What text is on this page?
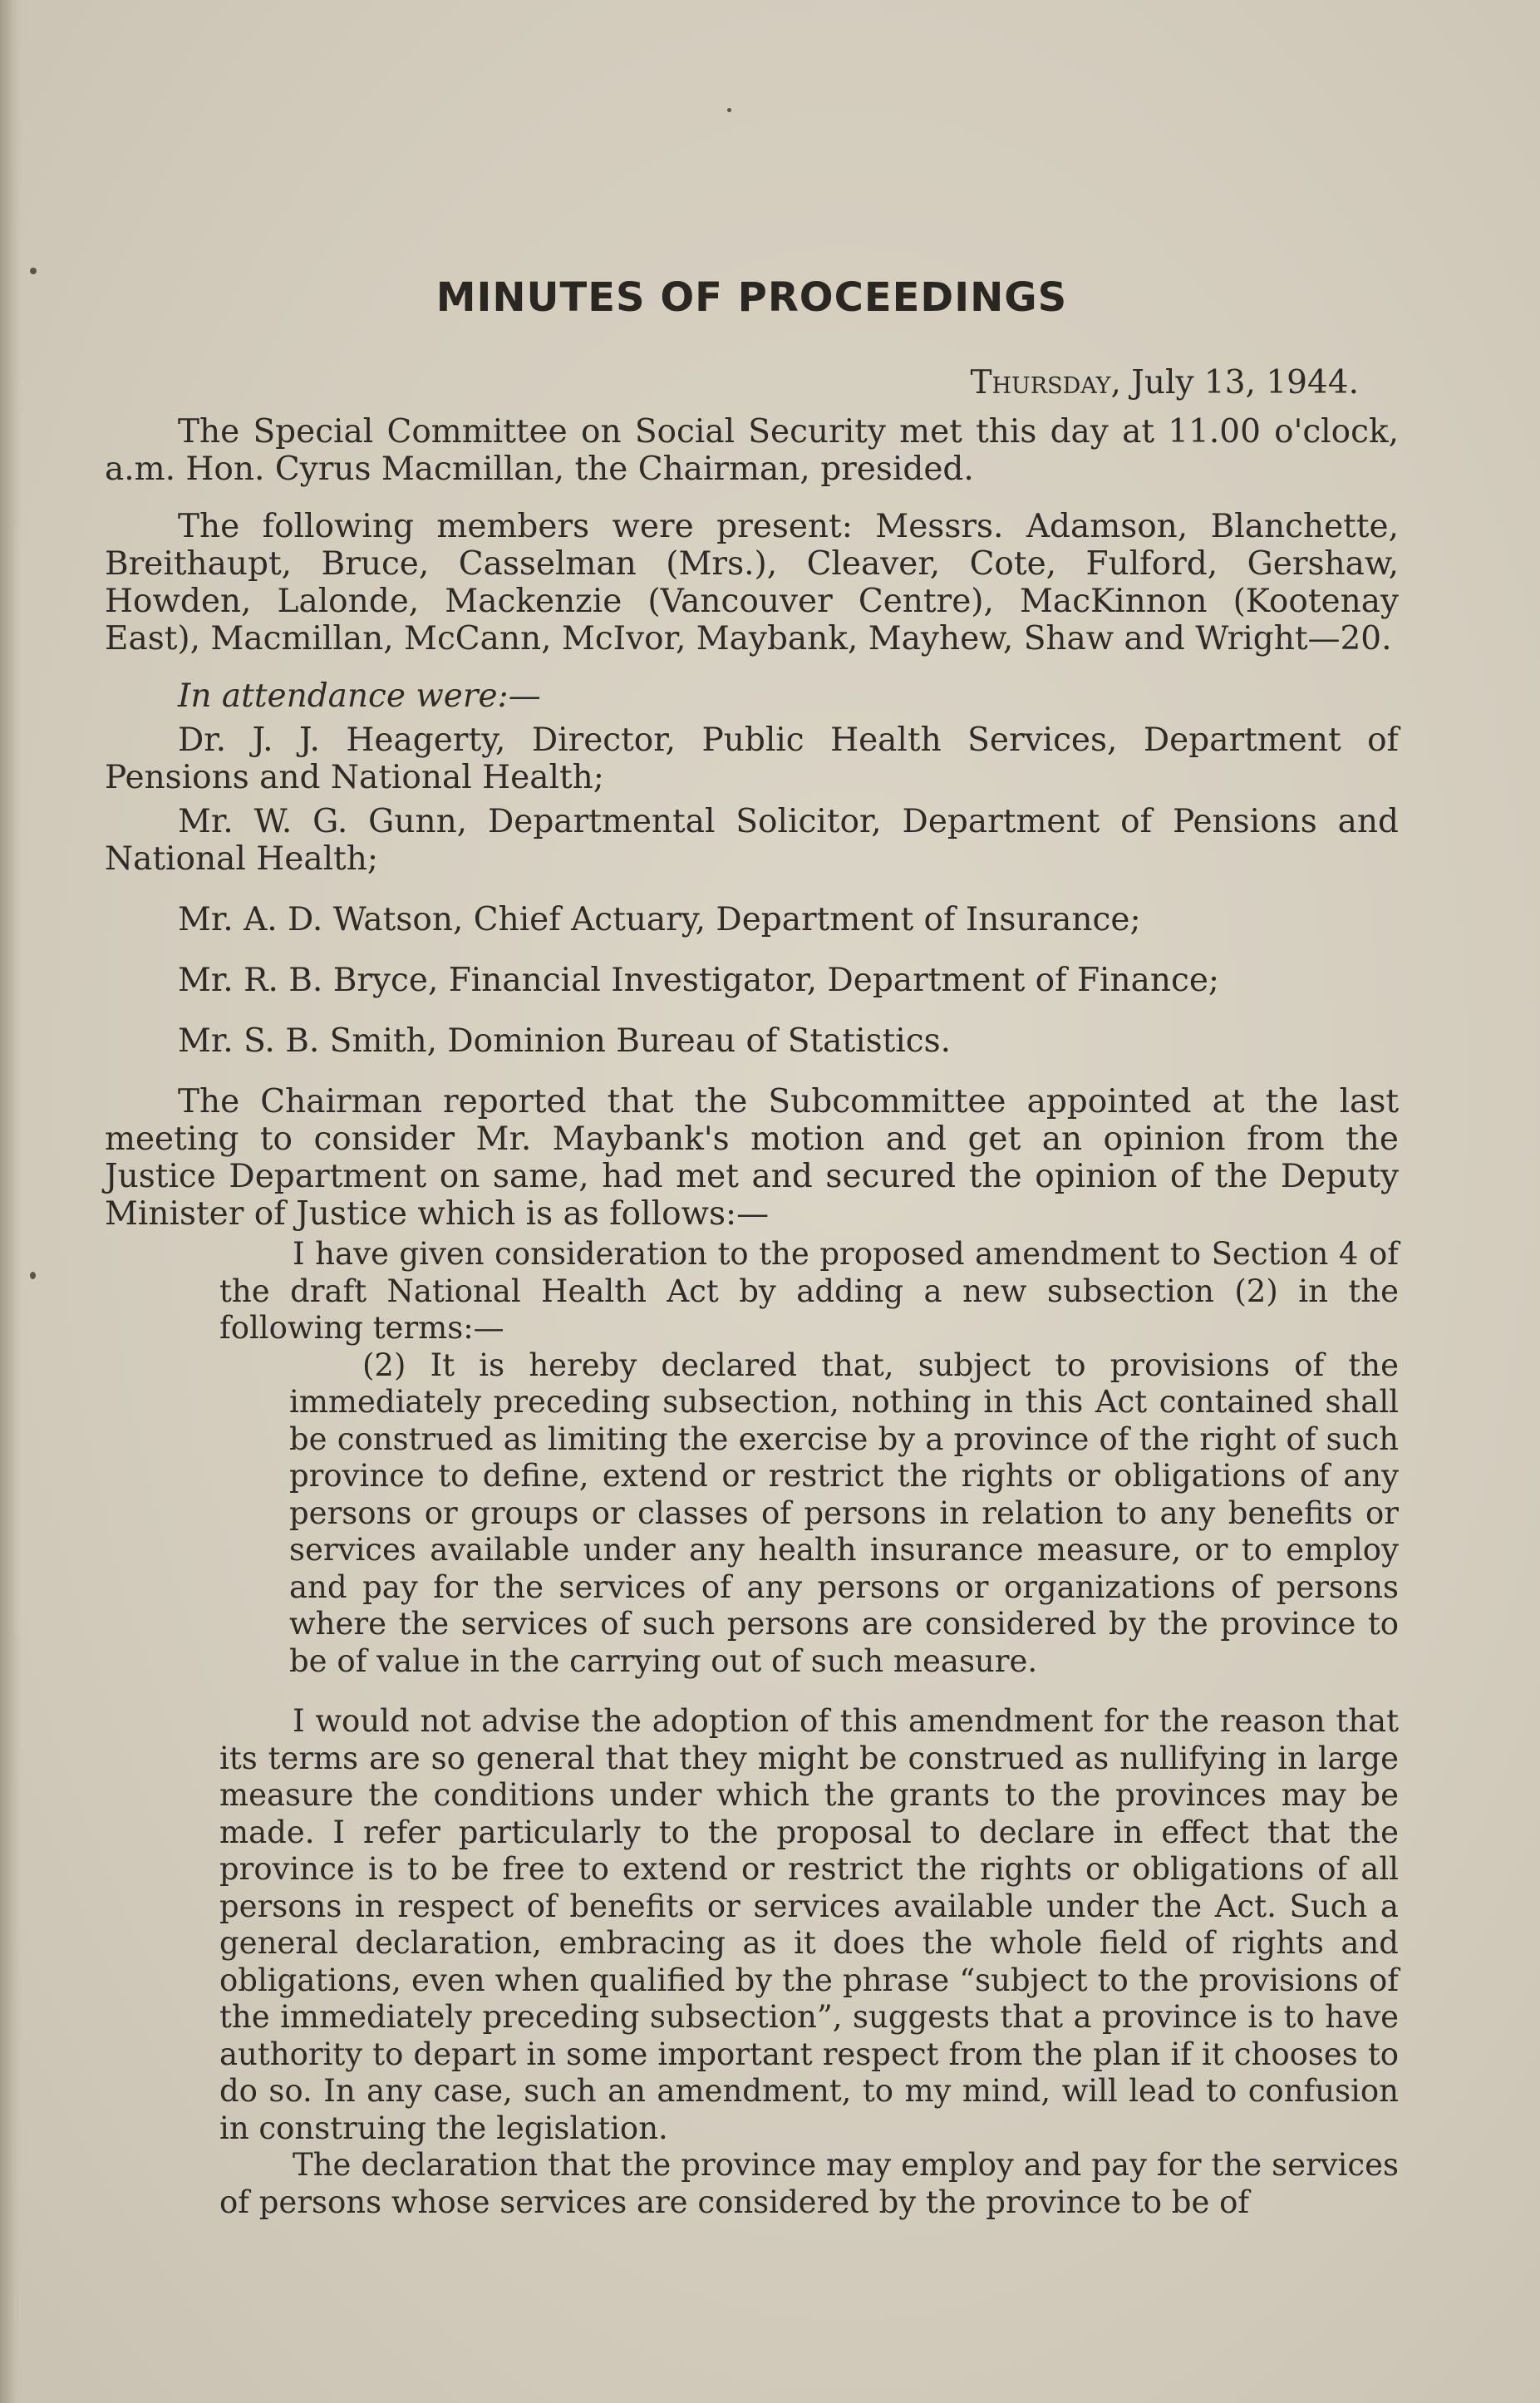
MINUTES OF PROCEEDINGS
Thursday, July 13, 1944.

The Special Committee on Social Security met this day at 11.00 o'clock, a.m. Hon. Cyrus Macmillan, the Chairman, presided.

The following members were present: Messrs. Adamson, Blanchette, Breithaupt, Bruce, Casselman (Mrs.), Cleaver, Cote, Fulford, Gershaw, Howden, Lalonde, Mackenzie (Vancouver Centre), MacKinnon (Kootenay East), Macmillan, McCann, McIvor, Maybank, Mayhew, Shaw and Wright—20.

In attendance were:—

Dr. J. J. Heagerty, Director, Public Health Services, Department of Pensions and National Health;

Mr. W. G. Gunn, Departmental Solicitor, Department of Pensions and National Health;

Mr. A. D. Watson, Chief Actuary, Department of Insurance;

Mr. R. B. Bryce, Financial Investigator, Department of Finance;

Mr. S. B. Smith, Dominion Bureau of Statistics.

The Chairman reported that the Subcommittee appointed at the last meeting to consider Mr. Maybank's motion and get an opinion from the Justice Department on same, had met and secured the opinion of the Deputy Minister of Justice which is as follows:—

I have given consideration to the proposed amendment to Section 4 of the draft National Health Act by adding a new subsection (2) in the following terms:—

(2) It is hereby declared that, subject to provisions of the immediately preceding subsection, nothing in this Act contained shall be construed as limiting the exercise by a province of the right of such province to define, extend or restrict the rights or obligations of any persons or groups or classes of persons in relation to any benefits or services available under any health insurance measure, or to employ and pay for the services of any persons or organizations of persons where the services of such persons are considered by the province to be of value in the carrying out of such measure.

I would not advise the adoption of this amendment for the reason that its terms are so general that they might be construed as nullifying in large measure the conditions under which the grants to the provinces may be made. I refer particularly to the proposal to declare in effect that the province is to be free to extend or restrict the rights or obligations of all persons in respect of benefits or services available under the Act. Such a general declaration, embracing as it does the whole field of rights and obligations, even when qualified by the phrase “subject to the provisions of the immediately preceding subsection”, suggests that a province is to have authority to depart in some important respect from the plan if it chooses to do so. In any case, such an amendment, to my mind, will lead to confusion in construing the legislation.

The declaration that the province may employ and pay for the services of persons whose services are considered by the province to be of
